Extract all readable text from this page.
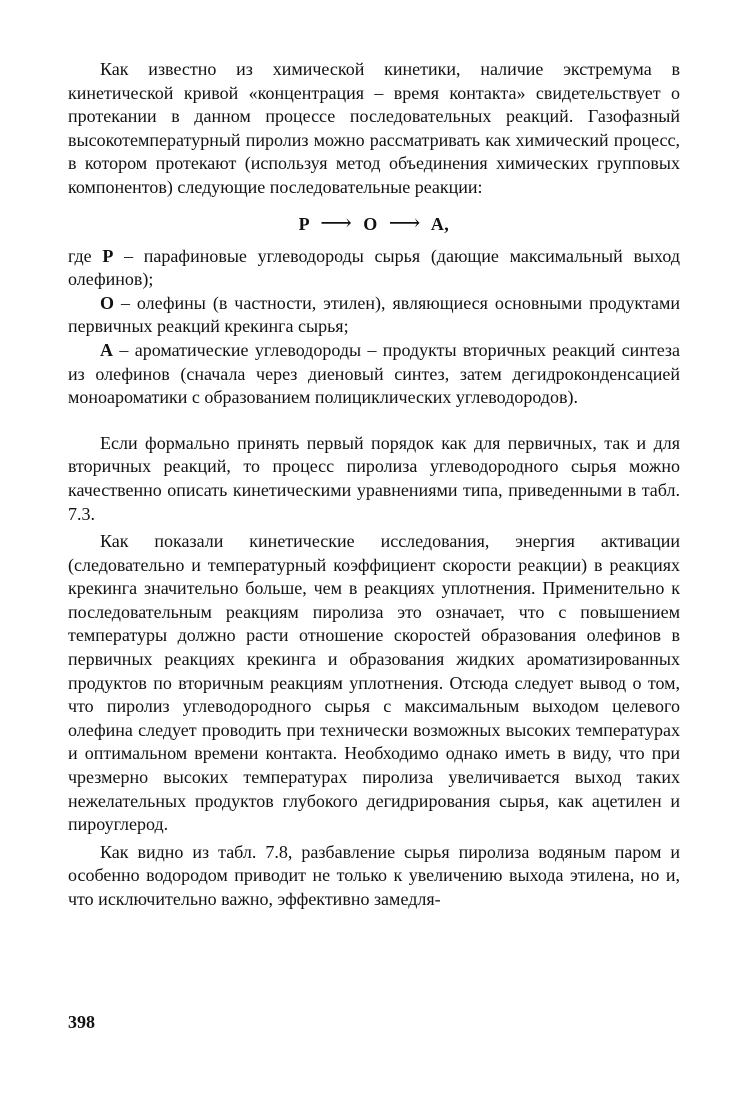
Как известно из химической кинетики, наличие экстремума в кинетической кривой «концентрация – время контакта» свидетельствует о протекании в данном процессе последовательных реакций. Газофазный высокотемпературный пиролиз можно рассматривать как химический процесс, в котором протекают (используя метод объединения химических групповых компонентов) следующие последовательные реакции:

P ⟶ O ⟶ A,

где P – парафиновые углеводороды сырья (дающие максимальный выход олефинов);

O – олефины (в частности, этилен), являющиеся основными продуктами первичных реакций крекинга сырья;

A – ароматические углеводороды – продукты вторичных реакций синтеза из олефинов (сначала через диеновый синтез, затем дегидроконденсацией моноароматики с образованием полициклических углеводородов).

Если формально принять первый порядок как для первичных, так и для вторичных реакций, то процесс пиролиза углеводородного сырья можно качественно описать кинетическими уравнениями типа, приведенными в табл. 7.3.

Как показали кинетические исследования, энергия активации (следовательно и температурный коэффициент скорости реакции) в реакциях крекинга значительно больше, чем в реакциях уплотнения. Применительно к последовательным реакциям пиролиза это означает, что с повышением температуры должно расти отношение скоростей образования олефинов в первичных реакциях крекинга и образования жидких ароматизированных продуктов по вторичным реакциям уплотнения. Отсюда следует вывод о том, что пиролиз углеводородного сырья с максимальным выходом целевого олефина следует проводить при технически возможных высоких температурах и оптимальном времени контакта. Необходимо однако иметь в виду, что при чрезмерно высоких температурах пиролиза увеличивается выход таких нежелательных продуктов глубокого дегидрирования сырья, как ацетилен и пироуглерод.

Как видно из табл. 7.8, разбавление сырья пиролиза водяным паром и особенно водородом приводит не только к увеличению выхода этилена, но и, что исключительно важно, эффективно замедля-

398
